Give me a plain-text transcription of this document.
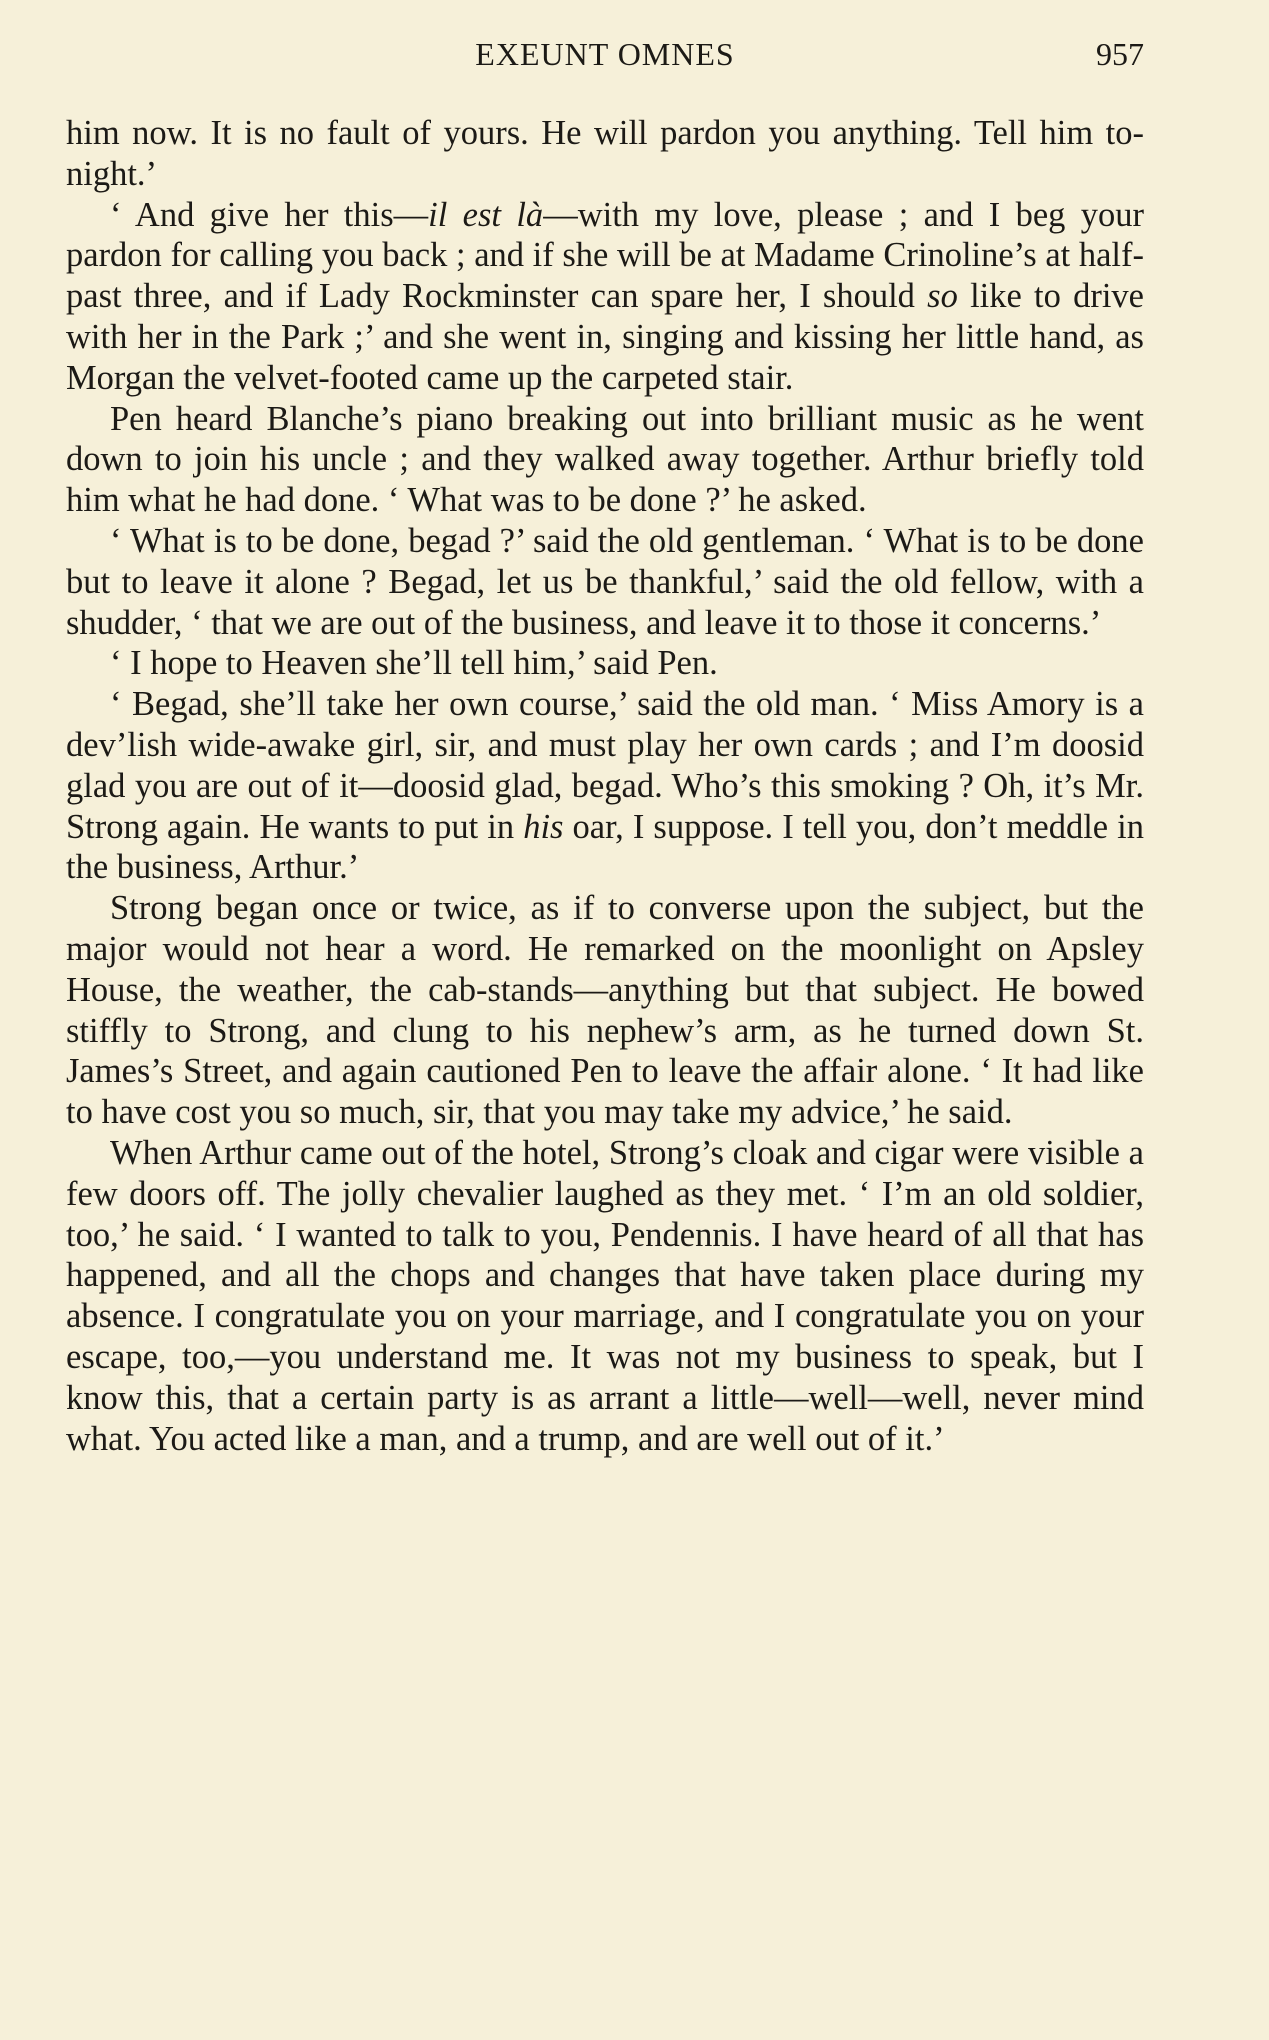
EXEUNT OMNES	957

him now. It is no fault of yours. He will pardon you anything. Tell him to-night.’

‘ And give her this—il est là—with my love, please ; and I beg your pardon for calling you back ; and if she will be at Madame Crinoline’s at half-past three, and if Lady Rockminster can spare her, I should so like to drive with her in the Park ;’ and she went in, singing and kissing her little hand, as Morgan the velvet-footed came up the carpeted stair.

Pen heard Blanche’s piano breaking out into brilliant music as he went down to join his uncle ; and they walked away together. Arthur briefly told him what he had done. ‘ What was to be done ?’ he asked.

‘ What is to be done, begad ?’ said the old gentleman. ‘ What is to be done but to leave it alone ? Begad, let us be thankful,’ said the old fellow, with a shudder, ‘ that we are out of the business, and leave it to those it concerns.’

‘ I hope to Heaven she’ll tell him,’ said Pen.

‘ Begad, she’ll take her own course,’ said the old man. ‘ Miss Amory is a dev’lish wide-awake girl, sir, and must play her own cards ; and I’m doosid glad you are out of it—doosid glad, begad. Who’s this smoking ? Oh, it’s Mr. Strong again. He wants to put in his oar, I suppose. I tell you, don’t meddle in the business, Arthur.’

Strong began once or twice, as if to converse upon the subject, but the major would not hear a word. He remarked on the moonlight on Apsley House, the weather, the cab-stands—anything but that subject. He bowed stiffly to Strong, and clung to his nephew’s arm, as he turned down St. James’s Street, and again cautioned Pen to leave the affair alone. ‘ It had like to have cost you so much, sir, that you may take my advice,’ he said.

When Arthur came out of the hotel, Strong’s cloak and cigar were visible a few doors off. The jolly chevalier laughed as they met. ‘ I’m an old soldier, too,’ he said. ‘ I wanted to talk to you, Pendennis. I have heard of all that has happened, and all the chops and changes that have taken place during my absence. I congratulate you on your marriage, and I congratulate you on your escape, too,—you understand me. It was not my business to speak, but I know this, that a certain party is as arrant a little—well—well, never mind what. You acted like a man, and a trump, and are well out of it.’
